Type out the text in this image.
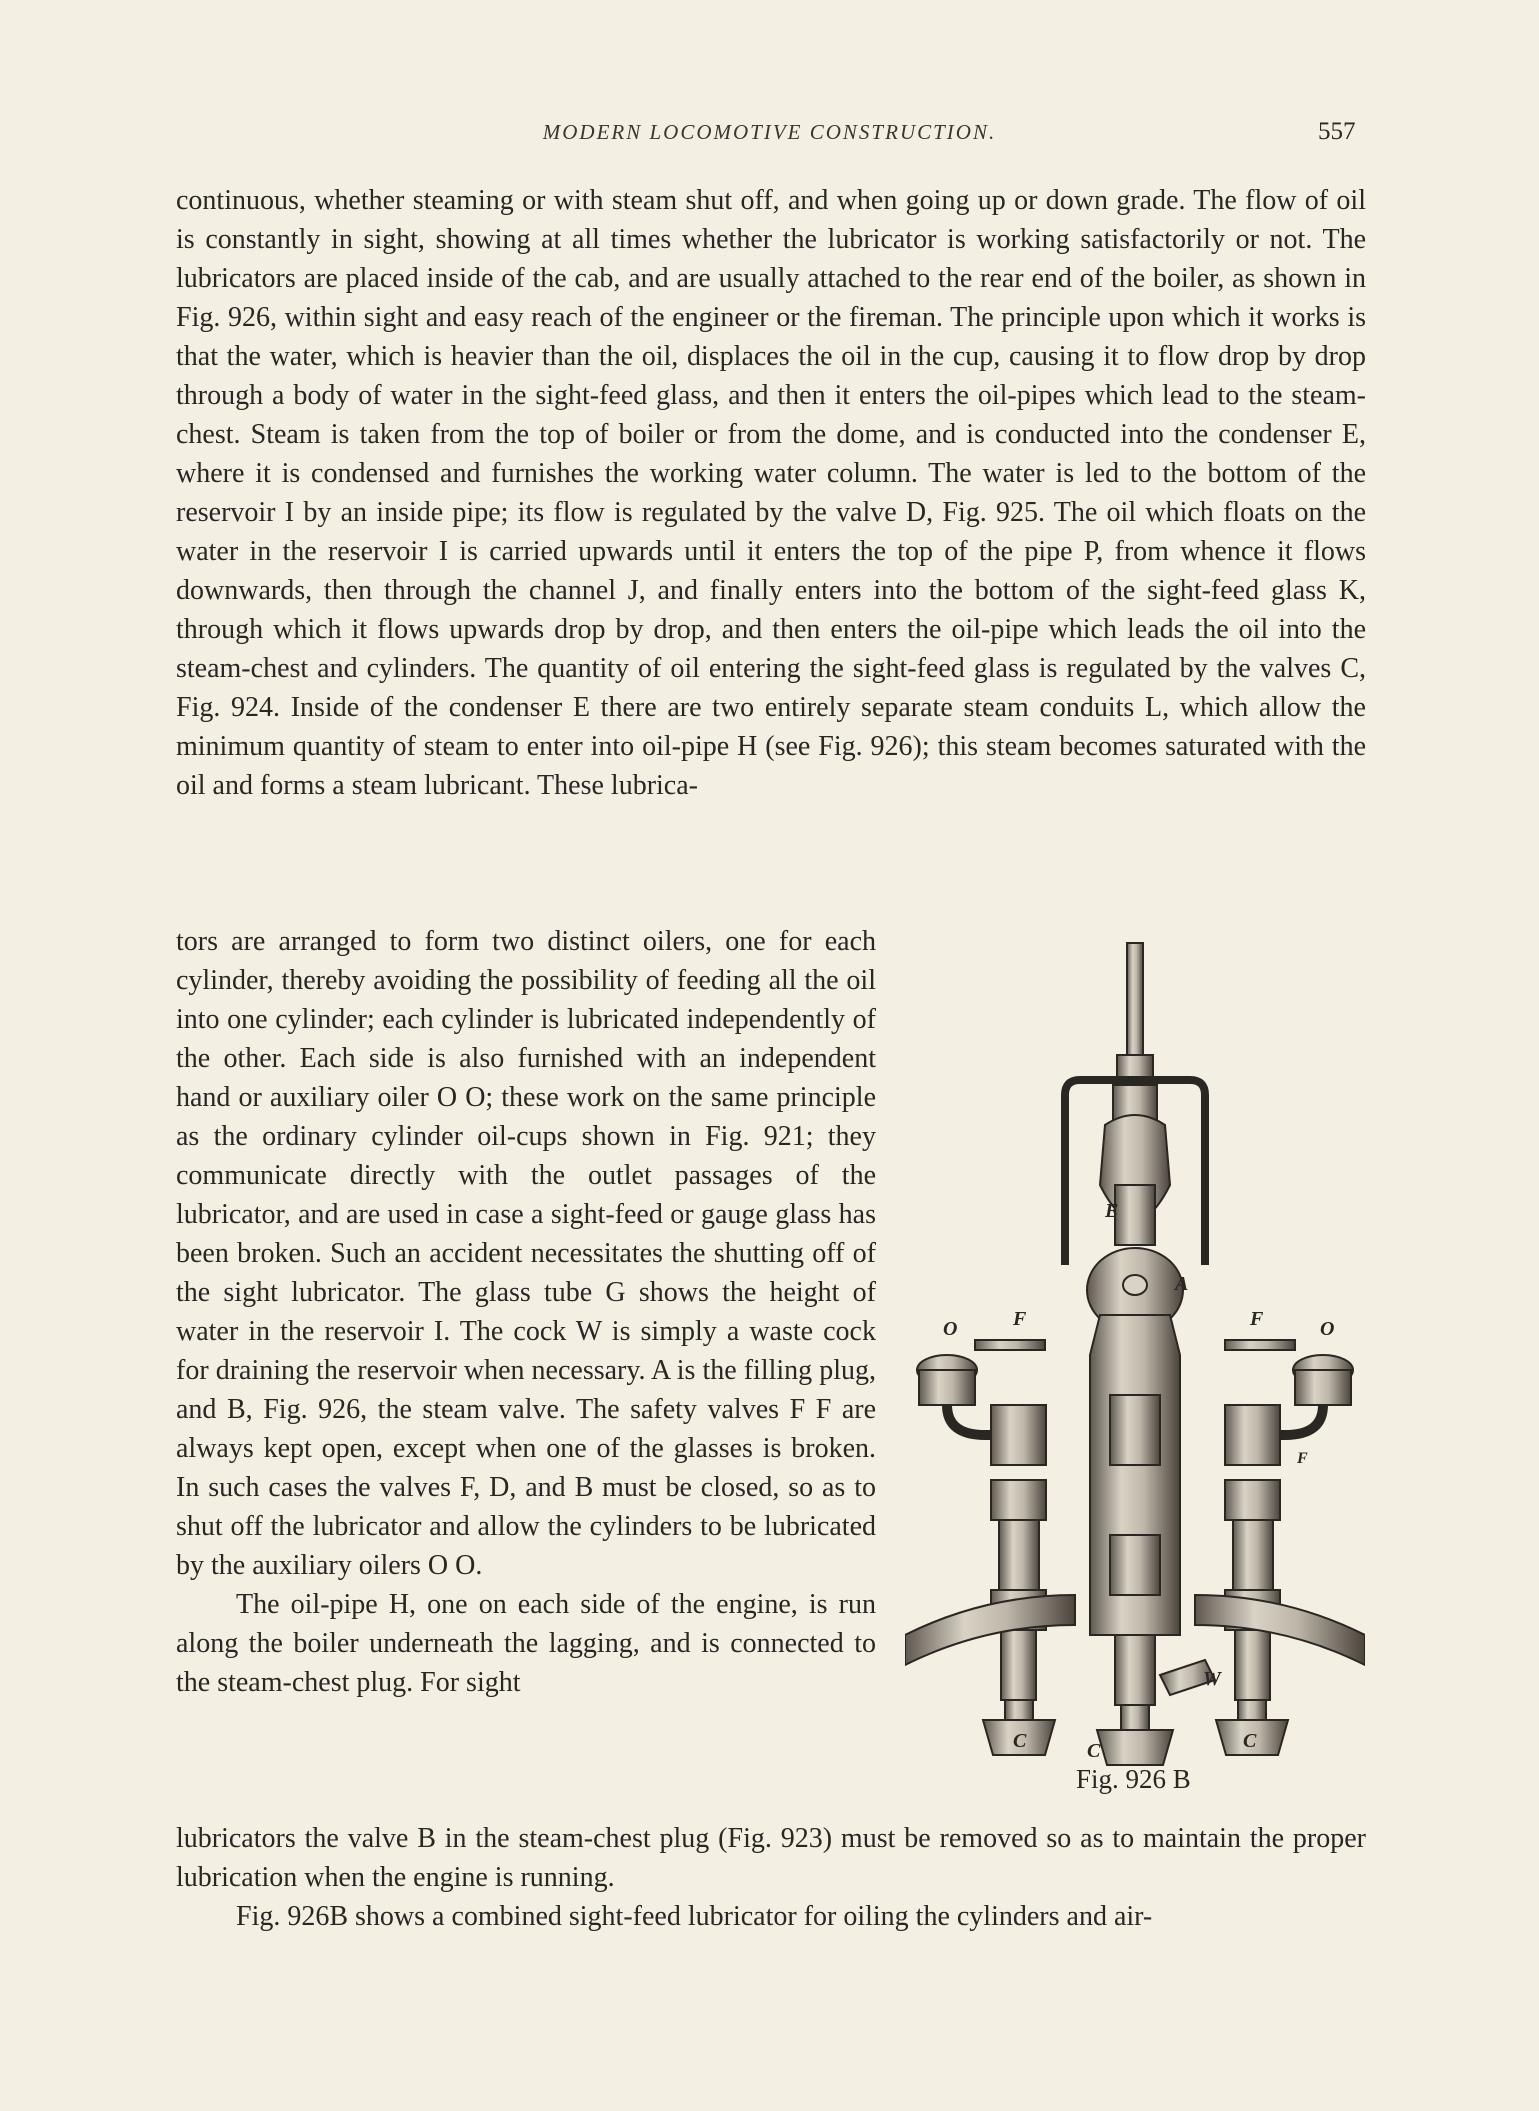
MODERN LOCOMOTIVE CONSTRUCTION.	557

continuous, whether steaming or with steam shut off, and when going up or down grade. The flow of oil is constantly in sight, showing at all times whether the lubricator is working satisfactorily or not. The lubricators are placed inside of the cab, and are usually attached to the rear end of the boiler, as shown in Fig. 926, within sight and easy reach of the engineer or the fireman. The principle upon which it works is that the water, which is heavier than the oil, displaces the oil in the cup, causing it to flow drop by drop through a body of water in the sight-feed glass, and then it enters the oil-pipes which lead to the steam-chest. Steam is taken from the top of boiler or from the dome, and is conducted into the condenser E, where it is condensed and furnishes the working water column. The water is led to the bottom of the reservoir I by an inside pipe; its flow is regulated by the valve D, Fig. 925. The oil which floats on the water in the reservoir I is carried upwards until it enters the top of the pipe P, from whence it flows downwards, then through the channel J, and finally enters into the bottom of the sight-feed glass K, through which it flows upwards drop by drop, and then enters the oil-pipe which leads the oil into the steam-chest and cylinders. The quantity of oil entering the sight-feed glass is regulated by the valves C, Fig. 924. Inside of the condenser E there are two entirely separate steam conduits L, which allow the minimum quantity of steam to enter into oil-pipe H (see Fig. 926); this steam becomes saturated with the oil and forms a steam lubricant. These lubrica-

tors are arranged to form two distinct oilers, one for each cylinder, thereby avoiding the possibility of feeding all the oil into one cylinder; each cylinder is lubricated independently of the other. Each side is also furnished with an independent hand or auxiliary oiler O O; these work on the same principle as the ordinary cylinder oil-cups shown in Fig. 921; they communicate directly with the outlet passages of the lubricator, and are used in case a sight-feed or gauge glass has been broken. Such an accident necessitates the shutting off of the sight lubricator. The glass tube G shows the height of water in the reservoir I. The cock W is simply a waste cock for draining the reservoir when necessary. A is the filling plug, and B, Fig. 926, the steam valve. The safety valves F F are always kept open, except when one of the glasses is broken. In such cases the valves F, D, and B must be closed, so as to shut off the lubricator and allow the cylinders to be lubricated by the auxiliary oilers O O.

The oil-pipe H, one on each side of the engine, is run along the boiler underneath the lagging, and is connected to the steam-chest plug. For sight

E
A
O	F	F	O
F
W
C	C	C
Fig. 926 B

lubricators the valve B in the steam-chest plug (Fig. 923) must be removed so as to maintain the proper lubrication when the engine is running.

Fig. 926B shows a combined sight-feed lubricator for oiling the cylinders and air-
